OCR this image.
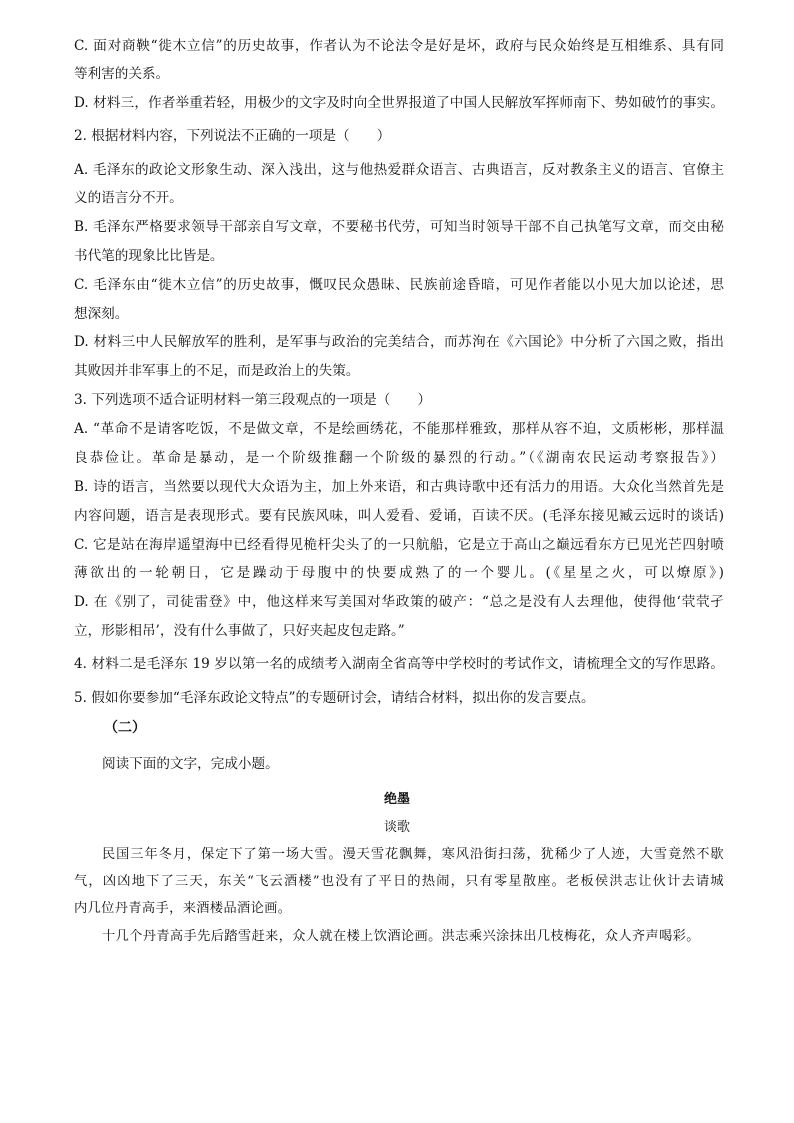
C. 面对商鞅“徙木立信”的历史故事，作者认为不论法令是好是坏，政府与民众始终是互相维系、具有同
等利害的关系。
D. 材料三，作者举重若轻，用极少的文字及时向全世界报道了中国人民解放军挥师南下、势如破竹的事实。
2. 根据材料内容，下列说法不正确的一项是（　　）
A. 毛泽东的政论文形象生动、深入浅出，这与他热爱群众语言、古典语言，反对教条主义的语言、官僚主
义的语言分不开。
B. 毛泽东严格要求领导干部亲自写文章，不要秘书代劳，可知当时领导干部不自己执笔写文章，而交由秘
书代笔的现象比比皆是。
C. 毛泽东由“徙木立信”的历史故事，慨叹民众愚昧、民族前途昏暗，可见作者能以小见大加以论述，思
想深刻。
D. 材料三中人民解放军的胜利，是军事与政治的完美结合，而苏洵在《六国论》中分析了六国之败，指出
其败因并非军事上的不足，而是政治上的失策。
3. 下列选项不适合证明材料一第三段观点的一项是（　　）
A. “革命不是请客吃饭，不是做文章，不是绘画绣花，不能那样雅致，那样从容不迫，文质彬彬，那样温
良恭俭让。革命是暴动，是一个阶级推翻一个阶级的暴烈的行动。”（《湖南农民运动考察报告》）
B. 诗的语言，当然要以现代大众语为主，加上外来语，和古典诗歌中还有活力的用语。大众化当然首先是
内容问题，语言是表现形式。要有民族风味，叫人爱看、爱诵，百读不厌。(毛泽东接见臧云远时的谈话)
C. 它是站在海岸遥望海中已经看得见桅杆尖头了的一只航船，它是立于高山之巅远看东方已见光芒四射喷
薄欲出的一轮朝日，它是躁动于母腹中的快要成熟了的一个婴儿。(《星星之火，可以燎原》)
D. 在《别了，司徒雷登》中，他这样来写美国对华政策的破产：“总之是没有人去理他，使得他‘茕茕孑
立，形影相吊’，没有什么事做了，只好夹起皮包走路。”
4. 材料二是毛泽东 19 岁以第一名的成绩考入湖南全省高等中学校时的考试作文，请梳理全文的写作思路。
5. 假如你要参加“毛泽东政论文特点”的专题研讨会，请结合材料，拟出你的发言要点。
（二）
阅读下面的文字，完成小题。
绝墨
谈歌
民国三年冬月，保定下了第一场大雪。漫天雪花飘舞，寒风沿街扫荡，犹稀少了人迹，大雪竟然不歇
气，凶凶地下了三天，东关“飞云酒楼”也没有了平日的热闹，只有零星散座。老板侯洪志让伙计去请城
内几位丹青高手，来酒楼品酒论画。
十几个丹青高手先后踏雪赶来，众人就在楼上饮酒论画。洪志乘兴涂抹出几枝梅花，众人齐声喝彩。
